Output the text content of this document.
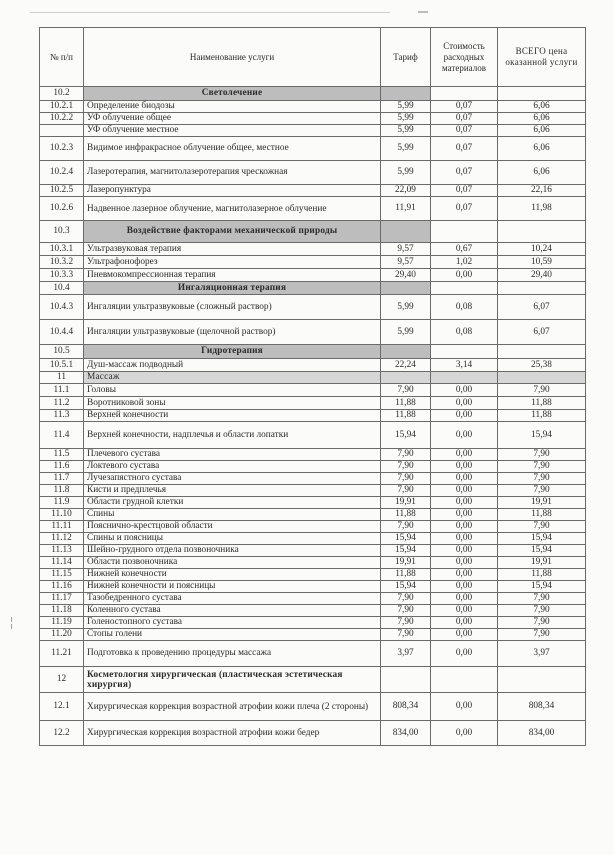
№ п/п	Наименование услуги	Тариф	Стоимость расходных материалов	ВСЕГО цена оказанной услуги
10.2	Светолечение			
10.2.1	Определение биодозы	5,99	0,07	6,06
10.2.2	УФ облучение общее	5,99	0,07	6,06
	УФ облучение местное	5,99	0,07	6,06
10.2.3	Видимое инфракрасное облучение общее, местное	5,99	0,07	6,06
10.2.4	Лазеротерапия, магнитолазеротерапия чрескожная	5,99	0,07	6,06
10.2.5	Лазеропунктура	22,09	0,07	22,16
10.2.6	Надвенное лазерное облучение, магнитолазерное облучение	11,91	0,07	11,98
10.3	Воздействие факторами механической природы			
10.3.1	Ультразвуковая терапия	9,57	0,67	10,24
10.3.2	Ультрафонофорез	9,57	1,02	10,59
10.3.3	Пневмокомпрессионная терапия	29,40	0,00	29,40
10.4	Ингаляционная терапия			
10.4.3	Ингаляции ультразвуковые (сложный раствор)	5,99	0,08	6,07
10.4.4	Ингаляции ультразвуковые (щелочной раствор)	5,99	0,08	6,07
10.5	Гидротерапия			
10.5.1	Душ-массаж подводный	22,24	3,14	25,38
11	Массаж			
11.1	Головы	7,90	0,00	7,90
11.2	Воротниковой зоны	11,88	0,00	11,88
11.3	Верхней конечности	11,88	0,00	11,88
11.4	Верхней конечности, надплечья и области лопатки	15,94	0,00	15,94
11.5	Плечевого сустава	7,90	0,00	7,90
11.6	Локтевого сустава	7,90	0,00	7,90
11.7	Лучезапястного сустава	7,90	0,00	7,90
11.8	Кисти и предплечья	7,90	0,00	7,90
11.9	Области грудной клетки	19,91	0,00	19,91
11.10	Спины	11,88	0,00	11,88
11.11	Пояснично-крестцовой области	7,90	0,00	7,90
11.12	Спины и поясницы	15,94	0,00	15,94
11.13	Шейно-грудного отдела позвоночника	15,94	0,00	15,94
11.14	Области позвоночника	19,91	0,00	19,91
11.15	Нижней конечности	11,88	0,00	11,88
11.16	Нижней конечности и поясницы	15,94	0,00	15,94
11.17	Тазобедренного сустава	7,90	0,00	7,90
11.18	Коленного сустава	7,90	0,00	7,90
11.19	Голеностопного сустава	7,90	0,00	7,90
11.20	Стопы голени	7,90	0,00	7,90
11.21	Подготовка к проведению процедуры массажа	3,97	0,00	3,97
12	Косметология хирургическая (пластическая эстетическая хирургия)			
12.1	Хирургическая коррекция возрастной атрофии кожи плеча (2 стороны)	808,34	0,00	808,34
12.2	Хирургическая коррекция возрастной атрофии кожи бедер	834,00	0,00	834,00
╎
